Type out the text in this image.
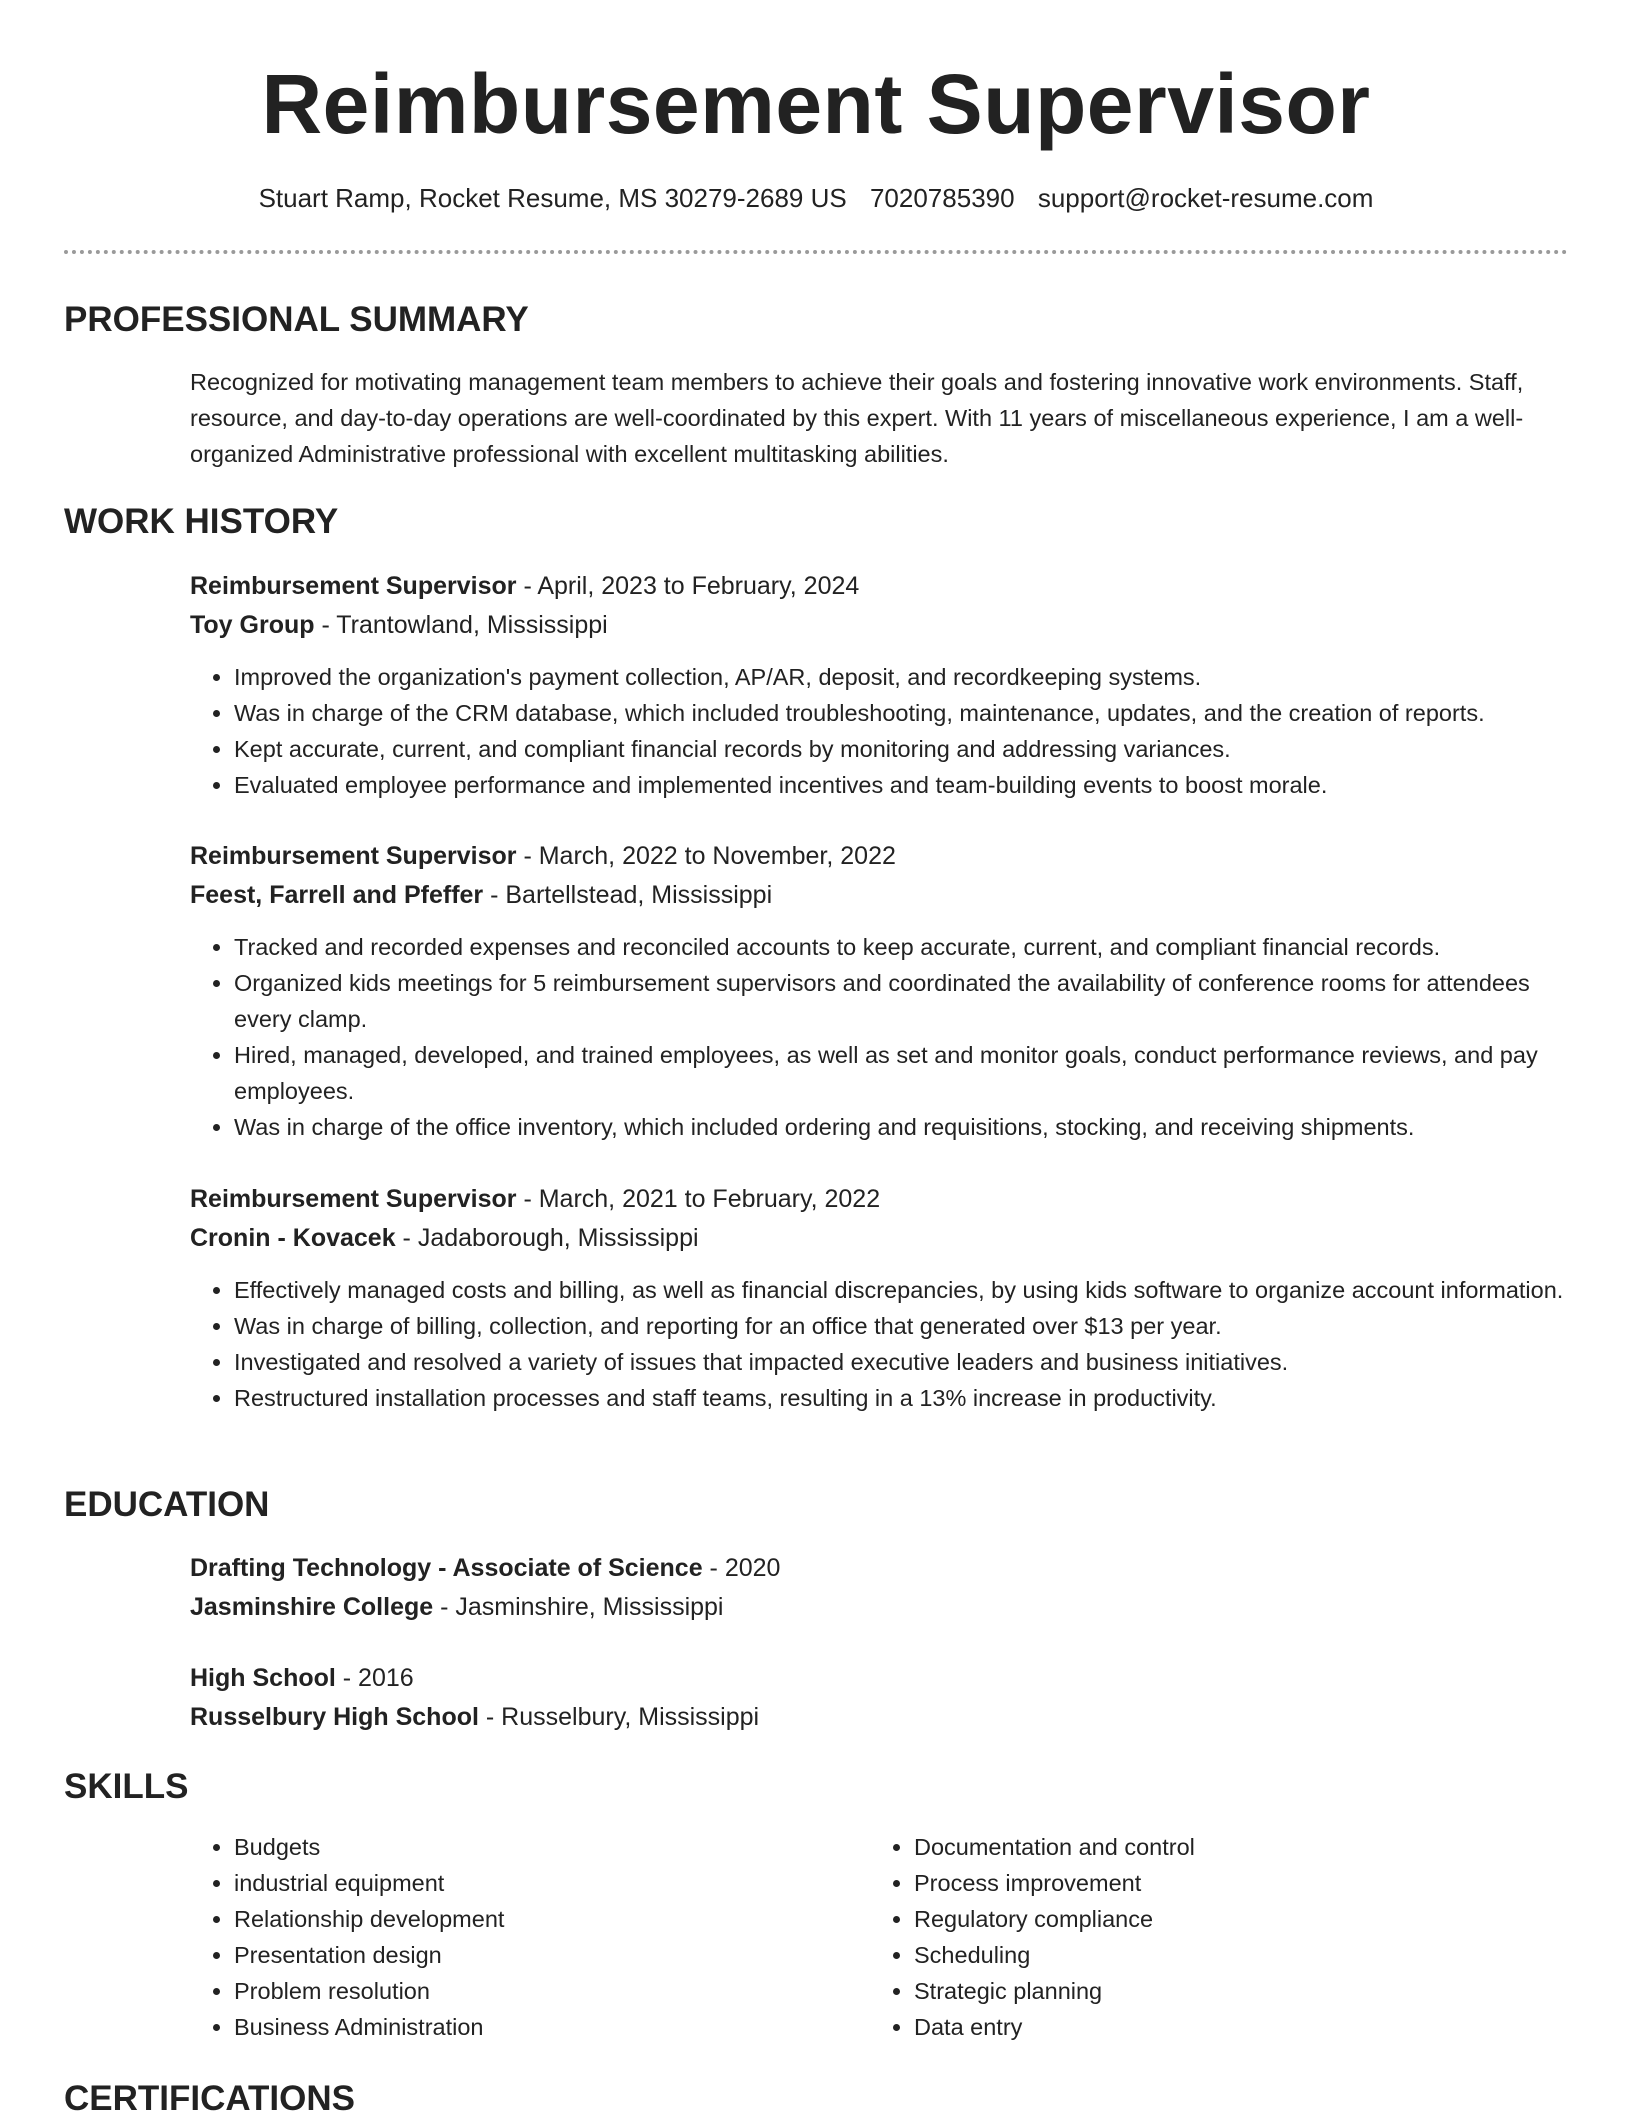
Reimbursement Supervisor
Stuart Ramp, Rocket Resume, MS 30279-2689 US 7020785390 support@rocket-resume.com
PROFESSIONAL SUMMARY

Recognized for motivating management team members to achieve their goals and fostering innovative work environments. Staff, resource, and day-to-day operations are well-coordinated by this expert. With 11 years of miscellaneous experience, I am a well-organized Administrative professional with excellent multitasking abilities.

WORK HISTORY

Reimbursement Supervisor - April, 2023 to February, 2024

Toy Group - Trantowland, Mississippi

• Improved the organization's payment collection, AP/AR, deposit, and recordkeeping systems.
• Was in charge of the CRM database, which included troubleshooting, maintenance, updates, and the creation of reports.
• Kept accurate, current, and compliant financial records by monitoring and addressing variances.
• Evaluated employee performance and implemented incentives and team-building events to boost morale.

Reimbursement Supervisor - March, 2022 to November, 2022

Feest, Farrell and Pfeffer - Bartellstead, Mississippi

• Tracked and recorded expenses and reconciled accounts to keep accurate, current, and compliant financial records.
• Organized kids meetings for 5 reimbursement supervisors and coordinated the availability of conference rooms for attendees every clamp.
• Hired, managed, developed, and trained employees, as well as set and monitor goals, conduct performance reviews, and pay employees.
• Was in charge of the office inventory, which included ordering and requisitions, stocking, and receiving shipments.

Reimbursement Supervisor - March, 2021 to February, 2022

Cronin - Kovacek - Jadaborough, Mississippi

• Effectively managed costs and billing, as well as financial discrepancies, by using kids software to organize account information.
• Was in charge of billing, collection, and reporting for an office that generated over $13 per year.
• Investigated and resolved a variety of issues that impacted executive leaders and business initiatives.
• Restructured installation processes and staff teams, resulting in a 13% increase in productivity.
EDUCATION

Drafting Technology - Associate of Science - 2020

Jasminshire College - Jasminshire, Mississippi

High School - 2016

Russelbury High School - Russelbury, Mississippi

SKILLS
• Budgets
• industrial equipment
• Relationship development
• Presentation design
• Problem resolution
• Business Administration
• Documentation and control
• Process improvement
• Regulatory compliance
• Scheduling
• Strategic planning
• Data entry
CERTIFICATIONS
